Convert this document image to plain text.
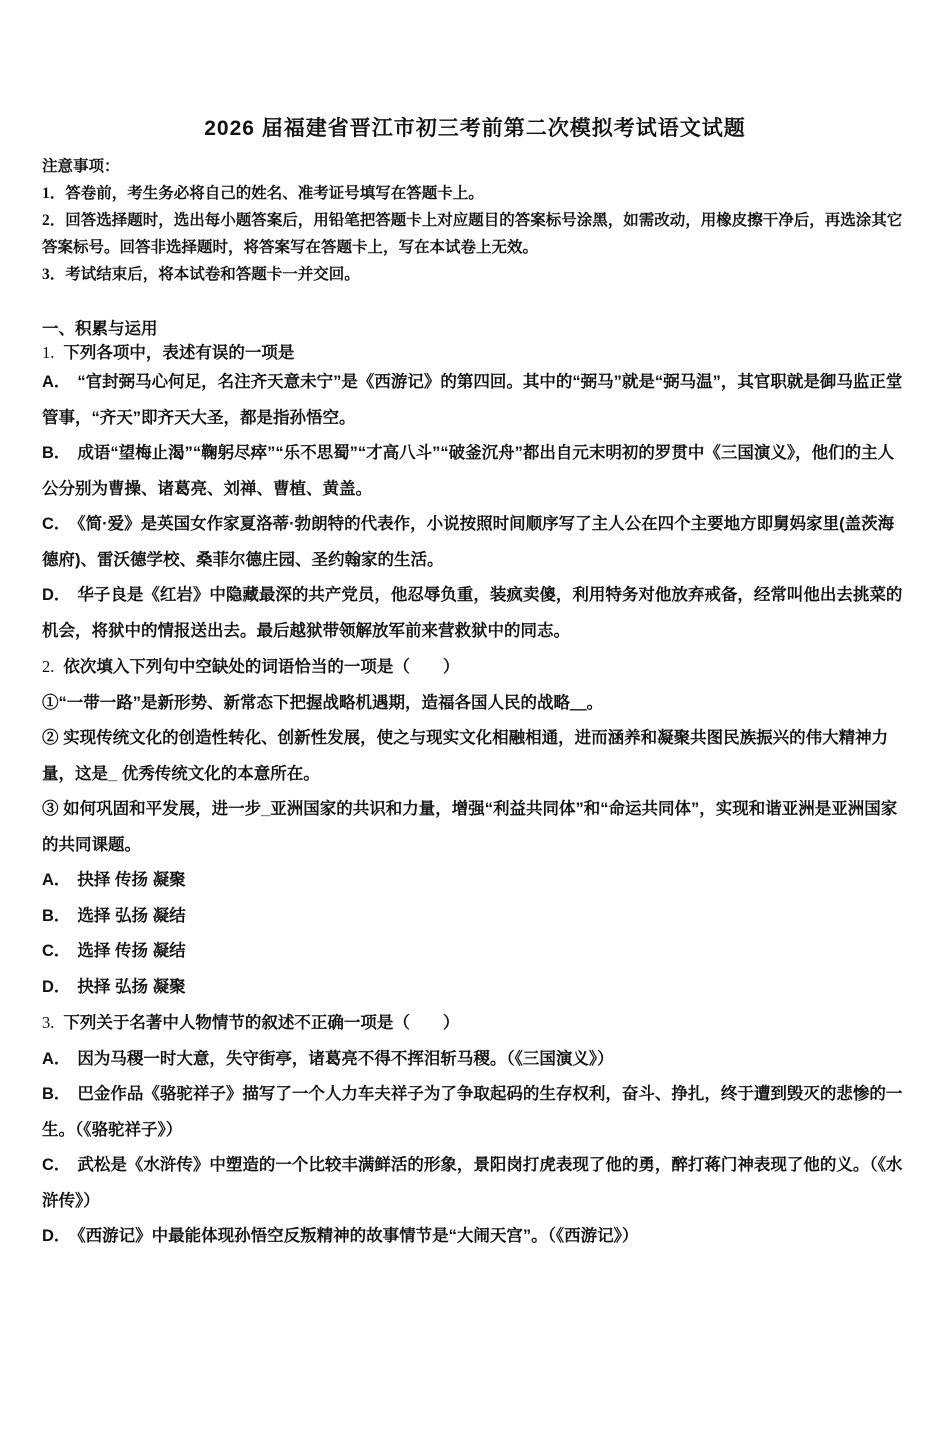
2026 届福建省晋江市初三考前第二次模拟考试语文试题

注意事项：

1．答卷前，考生务必将自己的姓名、准考证号填写在答题卡上。

2．回答选择题时，选出每小题答案后，用铅笔把答题卡上对应题目的答案标号涂黑，如需改动，用橡皮擦干净后，再选涂其它答案标号。回答非选择题时，将答案写在答题卡上，写在本试卷上无效。

3．考试结束后，将本试卷和答题卡一并交回。

一、积累与运用

1. 下列各项中，表述有误的一项是

A． “官封弼马心何足，名注齐天意未宁”是《西游记》的第四回。其中的“弼马”就是“弼马温”，其官职就是御马监正堂管事，“齐天”即齐天大圣，都是指孙悟空。

B． 成语“望梅止渴”“鞠躬尽瘁”“乐不思蜀”“才高八斗”“破釜沉舟”都出自元末明初的罗贯中《三国演义》，他们的主人公分别为曹操、诸葛亮、刘禅、曹植、黄盖。

C． 《简·爱》是英国女作家夏洛蒂·勃朗特的代表作，小说按照时间顺序写了主人公在四个主要地方即舅妈家里(盖茨海德府)、雷沃德学校、桑菲尔德庄园、圣约翰家的生活。

D． 华子良是《红岩》中隐藏最深的共产党员，他忍辱负重，装疯卖傻，利用特务对他放弃戒备，经常叫他出去挑菜的机会，将狱中的情报送出去。最后越狱带领解放军前来营救狱中的同志。

2. 依次填入下列句中空缺处的词语恰当的一项是（　　）

①“一带一路”是新形势、新常态下把握战略机遇期，造福各国人民的战略＿。

② 实现传统文化的创造性转化、创新性发展，使之与现实文化相融相通，进而涵养和凝聚共图民族振兴的伟大精神力量，这是_ 优秀传统文化的本意所在。

③ 如何巩固和平发展，进一步_亚洲国家的共识和力量，增强“利益共同体”和“命运共同体”，实现和谐亚洲是亚洲国家的共同课题。

A． 抉择 传扬 凝聚

B． 选择 弘扬 凝结

C． 选择 传扬 凝结

D． 抉择 弘扬 凝聚

3. 下列关于名著中人物情节的叙述不正确一项是（　　）

A． 因为马稷一时大意，失守街亭，诸葛亮不得不挥泪斩马稷。（《三国演义》）

B． 巴金作品《骆驼祥子》描写了一个人力车夫祥子为了争取起码的生存权利，奋斗、挣扎，终于遭到毁灭的悲惨的一生。（《骆驼祥子》）

C． 武松是《水浒传》中塑造的一个比较丰满鲜活的形象，景阳岗打虎表现了他的勇，醉打蒋门神表现了他的义。（《水浒传》）

D． 《西游记》中最能体现孙悟空反叛精神的故事情节是“大闹天宫”。（《西游记》）
